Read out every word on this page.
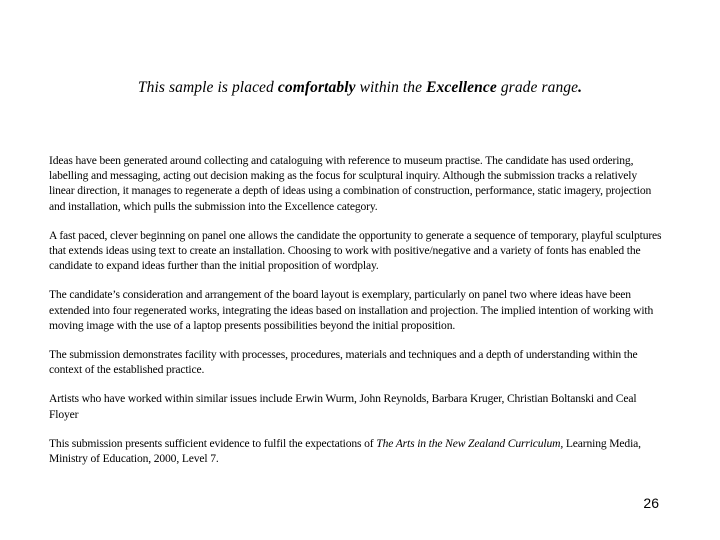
This sample is placed comfortably within the Excellence grade range.

Ideas have been generated around collecting and cataloguing with reference to museum practise. The candidate has used ordering, labelling and messaging, acting out decision making as the focus for sculptural inquiry. Although the submission tracks a relatively linear direction, it manages to regenerate a depth of ideas using a combination of construction, performance, static imagery, projection and installation, which pulls the submission into the Excellence category.

A fast paced, clever beginning on panel one allows the candidate the opportunity to generate a sequence of temporary, playful sculptures that extends ideas using text to create an installation. Choosing to work with positive/negative and a variety of fonts has enabled the candidate to expand ideas further than the initial proposition of wordplay.

The candidate’s consideration and arrangement of the board layout is exemplary, particularly on panel two where ideas have been extended into four regenerated works, integrating the ideas based on installation and projection. The implied intention of working with moving image with the use of a laptop presents possibilities beyond the initial proposition.

The submission demonstrates facility with processes, procedures, materials and techniques and a depth of understanding within the context of the established practice.

Artists who have worked within similar issues include Erwin Wurm, John Reynolds, Barbara Kruger, Christian Boltanski and Ceal Floyer

This submission presents sufficient evidence to fulfil the expectations of The Arts in the New Zealand Curriculum, Learning Media, Ministry of Education, 2000, Level 7.

26
